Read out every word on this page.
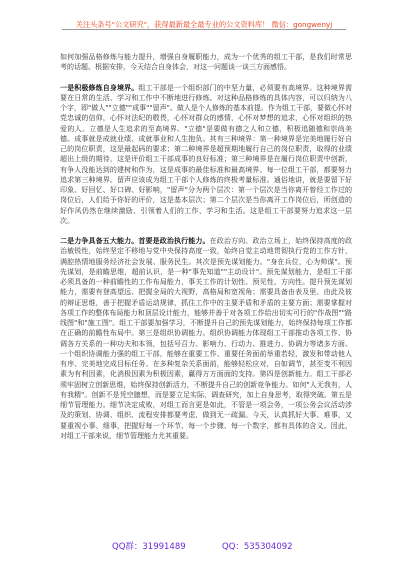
关注头条号"公文研究"，获得最新最全最专业的公文资料库！ 微信：gongwenyj

如何加强品格修炼与能力提升，增强自身履职能力，成为一个优秀的组工干部，是我们时常思考的话题。根据安排，今天结合自身体会，对这一问题谈一谈三方面感悟。

一是积极修炼自身境界。组工干部是一个组织部门的中坚力量，必须要有高境界。这种境界需要在日常的生活、学习和工作中不断地进行修炼。对这种品格修炼的具体内容，可以归纳为八个字，即"做人""立德""成事""留声"。做人是个人修炼的基本前提。作为组工干部，要做心怀对党忠诚的信仰，心怀对法纪的敬畏，心怀对群众的感情，心怀对梦想的追求，心怀对组织的热爱的人。立德是人生追求的至高境界。"立德"是要做有德之人和立德，积极追随德和崇尚美德。成事就是成就业绩、成就事业和人生抱负。其有三种境界：第一种境界是完美地履行好自己的岗位职责，这是最起码的要求；第二种境界是超预期地履行自己的岗位职责，取得的业绩超出上级的期待，这是评价组工干部成事的良好标准；第三种境界是在履行岗位职责中创新，有争人没能达到的建树和作为，这是成事的最佳标准和最高境界。每一位组工干部，都要努力追求第三种境界。留声应该成为组工干部个人修炼的终极考量标准。通俗地讲，就是要留下好印象、好回忆、好口碑、好影响，"留声"分为两个层次：第一个层次是当你离开曾经工作过的岗位后，人们给予你好的评价，这是基本层次；第二个层次是当你离开工作岗位后，所创造的好作风仍然在继续激励、引领着人们的工作、学习和生活。这是组工干部要努力追求这一层次。

二是力争具备五大能力。首要是政治执行能力。在政治方向、政治立场上，始终保持高度的政治敏锐性，始终坚定不移地与党中央保持高度一致，始终自觉主动地贯彻执行党的工作方针，满腔热情地服务经济社会发展、服务民生。其次是预先谋划能力。"身在兵位，心为帅谋"。预先谋划，是前瞻思维，超前认识，是一种"事先知道""主动设计"。预先谋划能力，是组工干部必须具备的一种前瞻性的工作布局能力，事关工作的计划性、预见性、方向性。提升预先谋划能力，需要有登高望远、把握全局的大视野，高格局和宽视角；需要具备由表及里、由此及彼的辩证思维，善于把握矛盾运动规律，抓住工作中的主要矛盾和矛盾的主要方面；需要掌握对各项工作的整体布局能力和顶层设计能力，能够并善于对各项工作给出切实可行的"作战图""路线图"和"施工图"。组工干部要加强学习，不断提升自己的预先谋划能力，始终保持每项工作都在正确的前瞻性布局中。第三是组织协调能力。组织协调能力体现组工干部推动各项工作、协调各方关系的一种功夫和本领，包括号召力、影响力、行动力、推进力、协调力等诸多方面。一个组织协调能力强的组工干部，能够在重要工作、重要任务面前举重若轻，激发和带动他人有序、完美地完成目标任务。在多种复杂关系面前，能够轻松应对，自如调节，甚至变不利因素为有利因素，化消极因素为积极因素，赢得方方面面的支持。第四是创新能力。组工干部必须牢固树立创新思维，始终保持创新活力，不断提升自己的创新竞争能力。如何"人无我有，人有我精"。创新不是凭空臆想，而是要立足实际，调查研究，加上自身思考，取得突破。第五是细节管理能力。细节决定成败，对组工而言更是如此，不管是一项会务，一项公务会议活动涉及的策划、协调、组织、流程安排都要考虑，做到无一疏漏。今天，认真抓好大事、难事，又要重视小事、细事，把握好每一个环节、每一个步骤、每一个数字，都有具体的含义。因此，对组工干部来说，细节管理能力尤其重要。

QQ群：31991489	QQ：535304092
